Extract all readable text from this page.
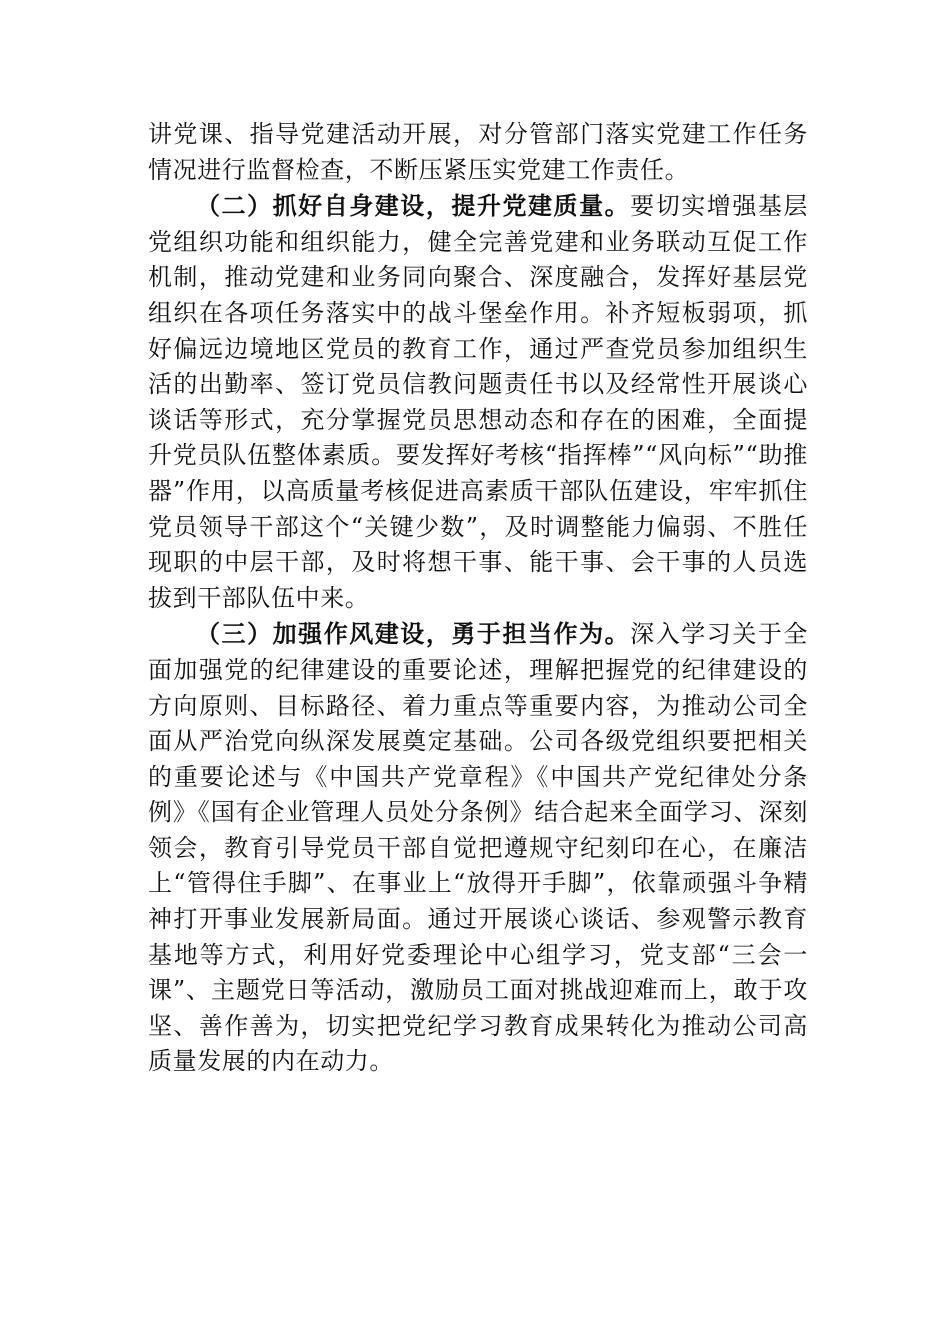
讲党课、指导党建活动开展，对分管部门落实党建工作任务情况进行监督检查，不断压紧压实党建工作责任。

（二）抓好自身建设，提升党建质量。要切实增强基层党组织功能和组织能力，健全完善党建和业务联动互促工作机制，推动党建和业务同向聚合、深度融合，发挥好基层党组织在各项任务落实中的战斗堡垒作用。补齐短板弱项，抓好偏远边境地区党员的教育工作，通过严查党员参加组织生活的出勤率、签订党员信教问题责任书以及经常性开展谈心谈话等形式，充分掌握党员思想动态和存在的困难，全面提升党员队伍整体素质。要发挥好考核“指挥棒”“风向标”“助推器”作用，以高质量考核促进高素质干部队伍建设，牢牢抓住党员领导干部这个“关键少数”，及时调整能力偏弱、不胜任现职的中层干部，及时将想干事、能干事、会干事的人员选拔到干部队伍中来。

（三）加强作风建设，勇于担当作为。深入学习关于全面加强党的纪律建设的重要论述，理解把握党的纪律建设的方向原则、目标路径、着力重点等重要内容，为推动公司全面从严治党向纵深发展奠定基础。公司各级党组织要把相关的重要论述与《中国共产党章程》《中国共产党纪律处分条例》《国有企业管理人员处分条例》结合起来全面学习、深刻领会，教育引导党员干部自觉把遵规守纪刻印在心，在廉洁上“管得住手脚”、在事业上“放得开手脚”，依靠顽强斗争精神打开事业发展新局面。通过开展谈心谈话、参观警示教育基地等方式，利用好党委理论中心组学习，党支部“三会一课”、主题党日等活动，激励员工面对挑战迎难而上，敢于攻坚、善作善为，切实把党纪学习教育成果转化为推动公司高质量发展的内在动力。
